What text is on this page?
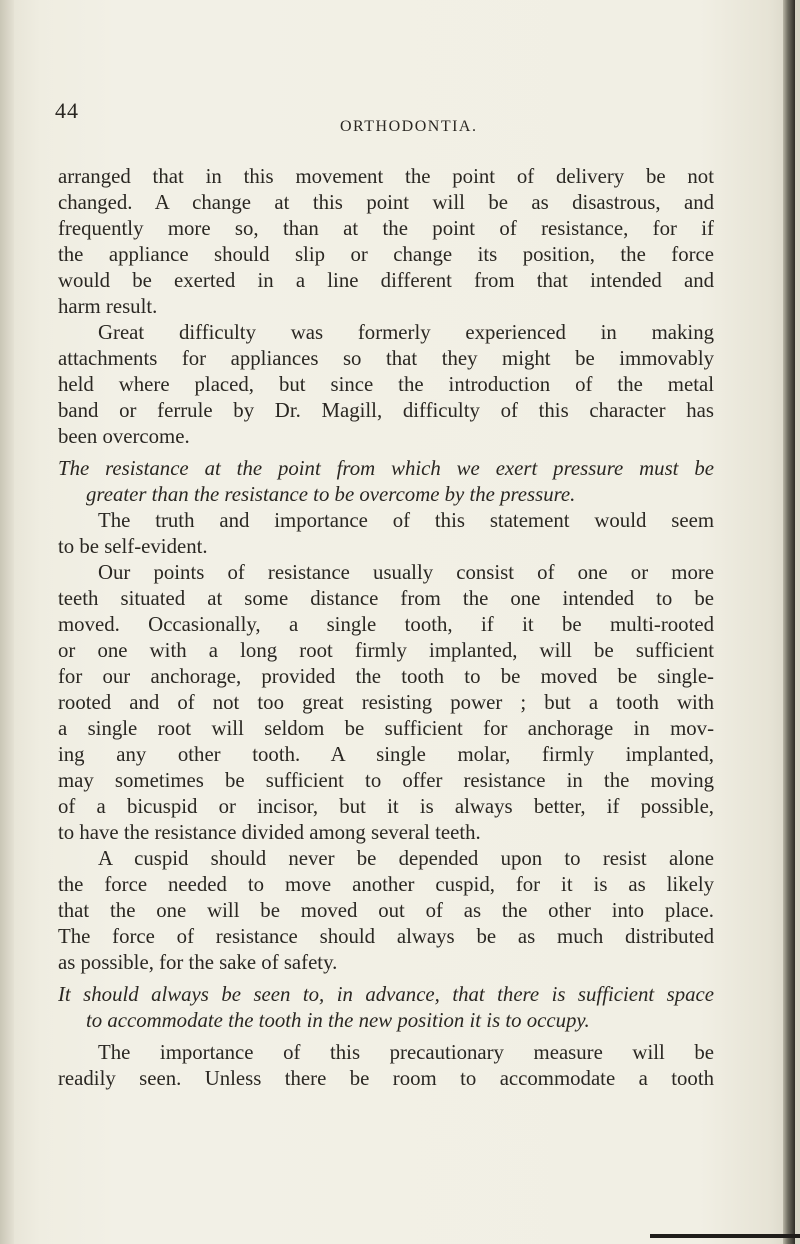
44
ORTHODONTIA.
arranged that in this movement the point of delivery be not
changed. A change at this point will be as disastrous, and
frequently more so, than at the point of resistance, for if
the appliance should slip or change its position, the force
would be exerted in a line different from that intended and
harm result.
Great difficulty was formerly experienced in making
attachments for appliances so that they might be immovably
held where placed, but since the introduction of the metal
band or ferrule by Dr. Magill, difficulty of this character has
been overcome.
The resistance at the point from which we exert pressure must be
greater than the resistance to be overcome by the pressure.
The truth and importance of this statement would seem
to be self-evident.
Our points of resistance usually consist of one or more
teeth situated at some distance from the one intended to be
moved. Occasionally, a single tooth, if it be multi-rooted
or one with a long root firmly implanted, will be sufficient
for our anchorage, provided the tooth to be moved be single-
rooted and of not too great resisting power ; but a tooth with
a single root will seldom be sufficient for anchorage in mov-
ing any other tooth. A single molar, firmly implanted,
may sometimes be sufficient to offer resistance in the moving
of a bicuspid or incisor, but it is always better, if possible,
to have the resistance divided among several teeth.
A cuspid should never be depended upon to resist alone
the force needed to move another cuspid, for it is as likely
that the one will be moved out of as the other into place.
The force of resistance should always be as much distributed
as possible, for the sake of safety.
It should always be seen to, in advance, that there is sufficient space
to accommodate the tooth in the new position it is to occupy.
The importance of this precautionary measure will be
readily seen. Unless there be room to accommodate a tooth
